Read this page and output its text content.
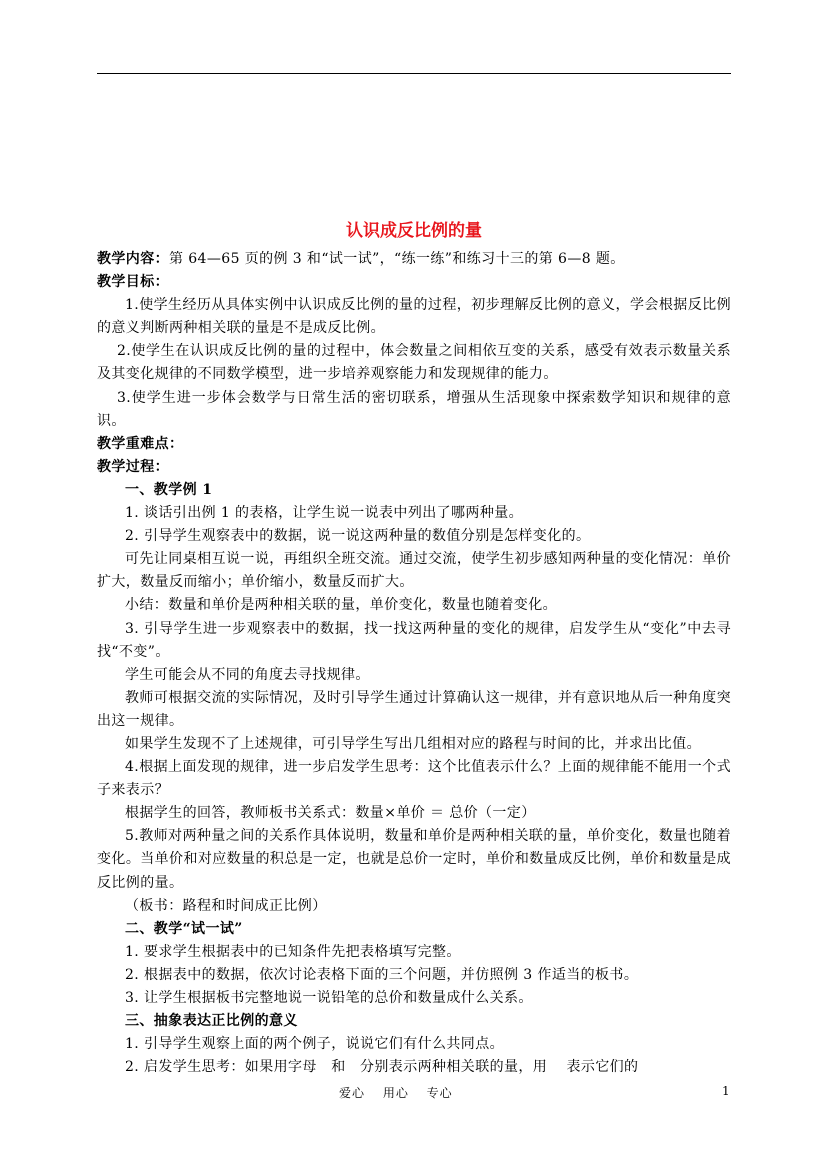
认识成反比例的量

教学内容：第 64—65 页的例 3 和“试一试”，“练一练”和练习十三的第 6—8 题。

教学目标：

1.使学生经历从具体实例中认识成反比例的量的过程，初步理解反比例的意义，学会根据反比例的意义判断两种相关联的量是不是成反比例。

2.使学生在认识成反比例的量的过程中，体会数量之间相依互变的关系，感受有效表示数量关系及其变化规律的不同数学模型，进一步培养观察能力和发现规律的能力。

3.使学生进一步体会数学与日常生活的密切联系，增强从生活现象中探索数学知识和规律的意识。

教学重难点：

教学过程：

一、教学例 1

1. 谈话引出例 1 的表格，让学生说一说表中列出了哪两种量。

2. 引导学生观察表中的数据，说一说这两种量的数值分别是怎样变化的。

可先让同桌相互说一说，再组织全班交流。通过交流，使学生初步感知两种量的变化情况：单价扩大，数量反而缩小；单价缩小，数量反而扩大。

小结：数量和单价是两种相关联的量，单价变化，数量也随着变化。

3. 引导学生进一步观察表中的数据，找一找这两种量的变化的规律，启发学生从“变化”中去寻找“不变”。

学生可能会从不同的角度去寻找规律。

教师可根据交流的实际情况，及时引导学生通过计算确认这一规律，并有意识地从后一种角度突出这一规律。

如果学生发现不了上述规律，可引导学生写出几组相对应的路程与时间的比，并求出比值。

4.根据上面发现的规律，进一步启发学生思考：这个比值表示什么？上面的规律能不能用一个式子来表示？

根据学生的回答，教师板书关系式：数量×单价 ＝ 总价（一定）

5.教师对两种量之间的关系作具体说明，数量和单价是两种相关联的量，单价变化，数量也随着变化。当单价和对应数量的积总是一定，也就是总价一定时，单价和数量成反比例，单价和数量是成反比例的量。

（板书：路程和时间成正比例）

二、教学“试一试”

1. 要求学生根据表中的已知条件先把表格填写完整。

2. 根据表中的数据，依次讨论表格下面的三个问题，并仿照例 3 作适当的板书。

3. 让学生根据板书完整地说一说铅笔的总价和数量成什么关系。

三、抽象表达正比例的意义

1. 引导学生观察上面的两个例子，说说它们有什么共同点。

2. 启发学生思考：如果用字母　和　分别表示两种相关联的量，用　 表示它们的

爱心　 用心　 专心	1
